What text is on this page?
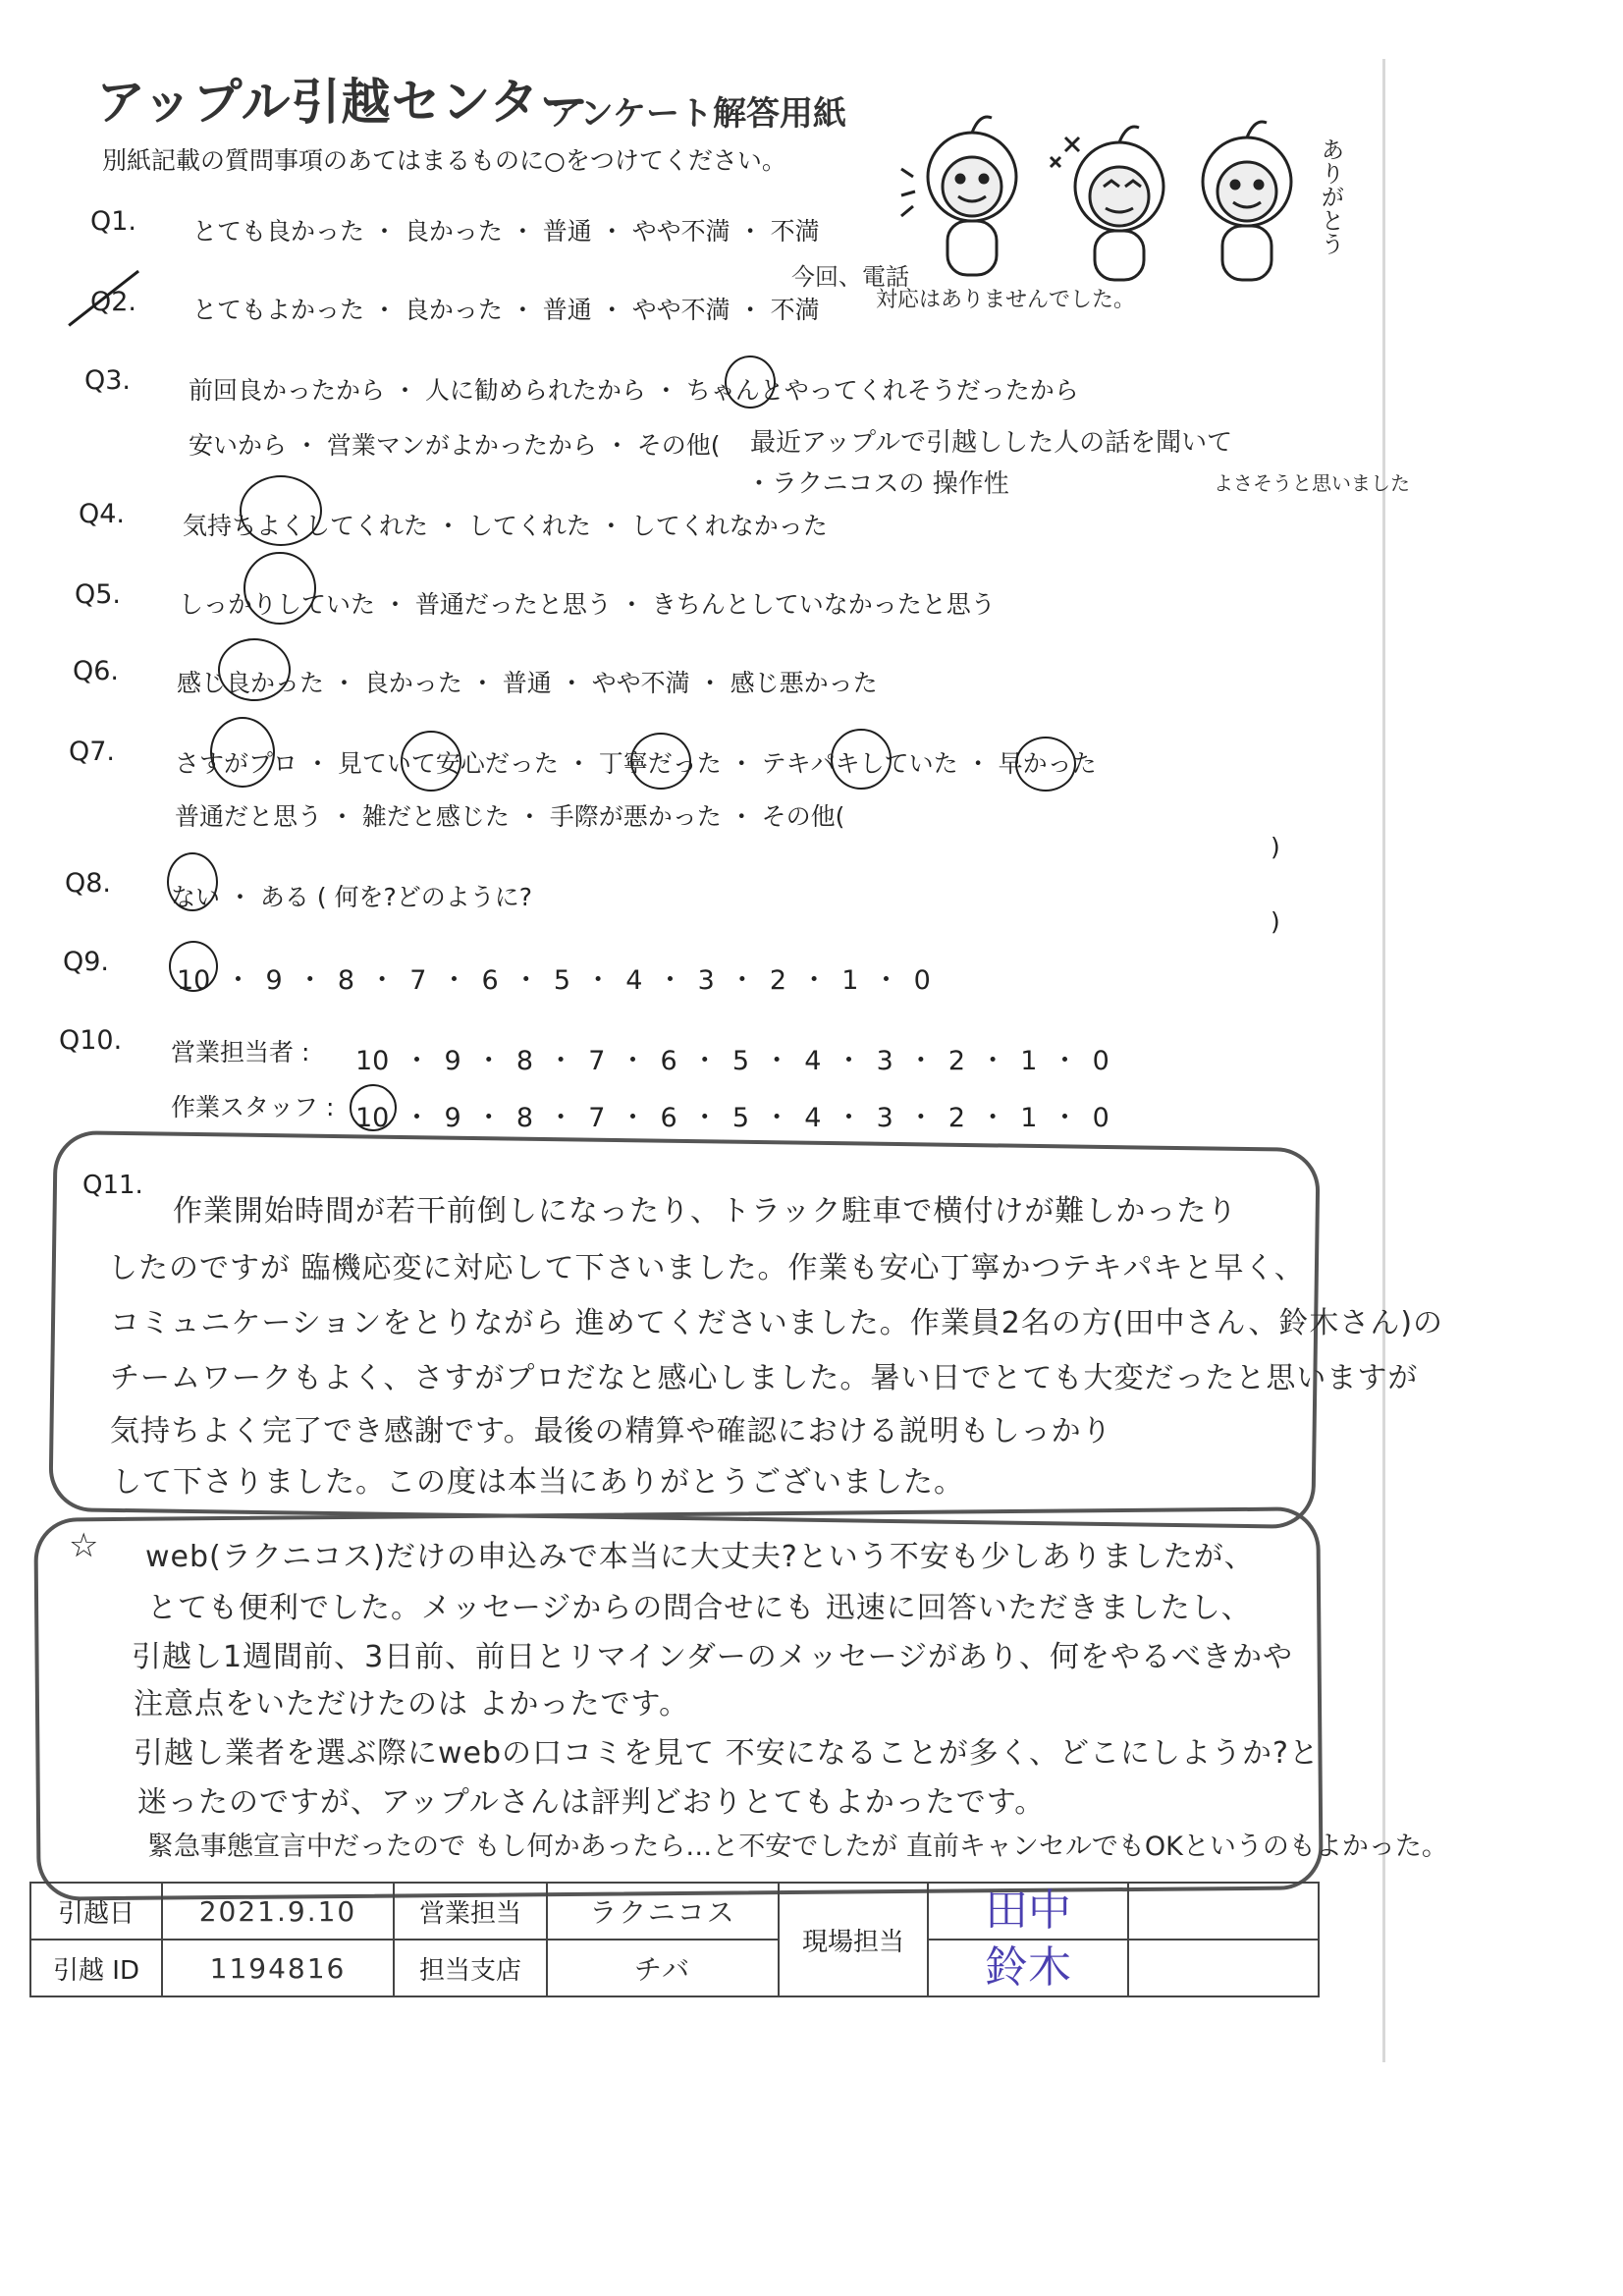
アップル引越センター
アンケート解答用紙
別紙記載の質問事項のあてはまるものに○をつけてください。	ありがとう
Q1. とても良かった ・ 良かった ・ 普通 ・ やや不満 ・ 不満
Q2. とてもよかった ・ 良かった ・ 普通 ・ やや不満 ・ 不満
今回、電話
対応はありませんでした。
Q3. 前回良かったから ・ 人に勧められたから ・ ちゃんとやってくれそうだったから
安いから ・ 営業マンがよかったから ・ その他( 最近アップルで引越しした人の話を聞いて
・ラクニコスの 操作性	よさそうと思いました
Q4. 気持ちよくしてくれた ・ してくれた ・ してくれなかった
Q5. しっかりしていた ・ 普通だったと思う ・ きちんとしていなかったと思う
Q6. 感じ良かった ・ 良かった ・ 普通 ・ やや不満 ・ 感じ悪かった
Q7. さすがプロ ・ 見ていて安心だった ・ 丁寧だった ・ テキパキしていた ・ 早かった
普通だと思う ・ 雑だと感じた ・ 手際が悪かった ・ その他(
)
Q8. ない ・ ある ( 何を?どのように?
)
Q9.
10 ・ 9 ・ 8 ・ 7 ・ 6 ・ 5 ・ 4 ・ 3 ・ 2 ・ 1 ・ 0
Q10. 営業担当者 : 10 ・ 9 ・ 8 ・ 7 ・ 6 ・ 5 ・ 4 ・ 3 ・ 2 ・ 1 ・ 0
作業スタッフ : 10 ・ 9 ・ 8 ・ 7 ・ 6 ・ 5 ・ 4 ・ 3 ・ 2 ・ 1 ・ 0
Q11.
作業開始時間が若干前倒しになったり、トラック駐車で横付けが難しかったり
したのですが 臨機応変に対応して下さいました。作業も安心丁寧かつテキパキと早く、
コミュニケーションをとりながら 進めてくださいました。作業員2名の方(田中さん、鈴木さん)の
チームワークもよく、さすがプロだなと感心しました。暑い日でとても大変だったと思いますが
気持ちよく完了でき感謝です。最後の精算や確認における説明もしっかり
して下さりました。この度は本当にありがとうございました。
☆ web(ラクニコス)だけの申込みで本当に大丈夫?という不安も少しありましたが、
とても便利でした。メッセージからの問合せにも 迅速に回答いただきましたし、
引越し1週間前、3日前、前日とリマインダーのメッセージがあり、何をやるべきかや
注意点をいただけたのは よかったです。
引越し業者を選ぶ際にwebの口コミを見て 不安になることが多く、どこにしようか?と
迷ったのですが、アップルさんは評判どおりとてもよかったです。
緊急事態宣言中だったので もし何かあったら…と不安でしたが 直前キャンセルでもOKというのもよかった。
引越日	2021.9.10	営業担当	ラクニコス	現場担当	田中	
引越 ID	1194816	担当支店	チバ		鈴木	
